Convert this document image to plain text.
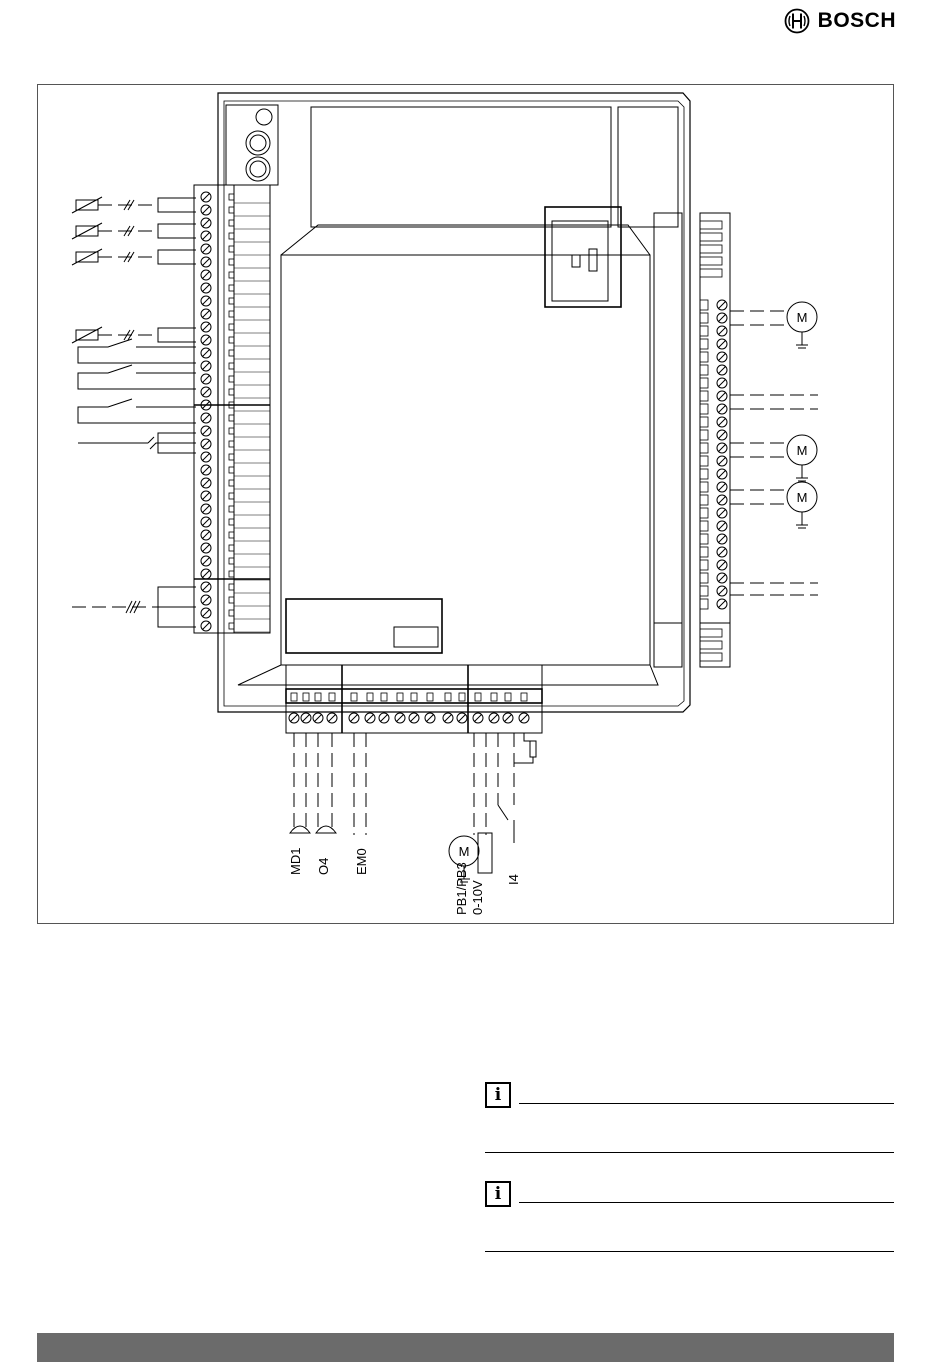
BOSCH
M
M
M
M
MD1 O4 EM0
PB1/PB3 0-10V
I4
i
i
